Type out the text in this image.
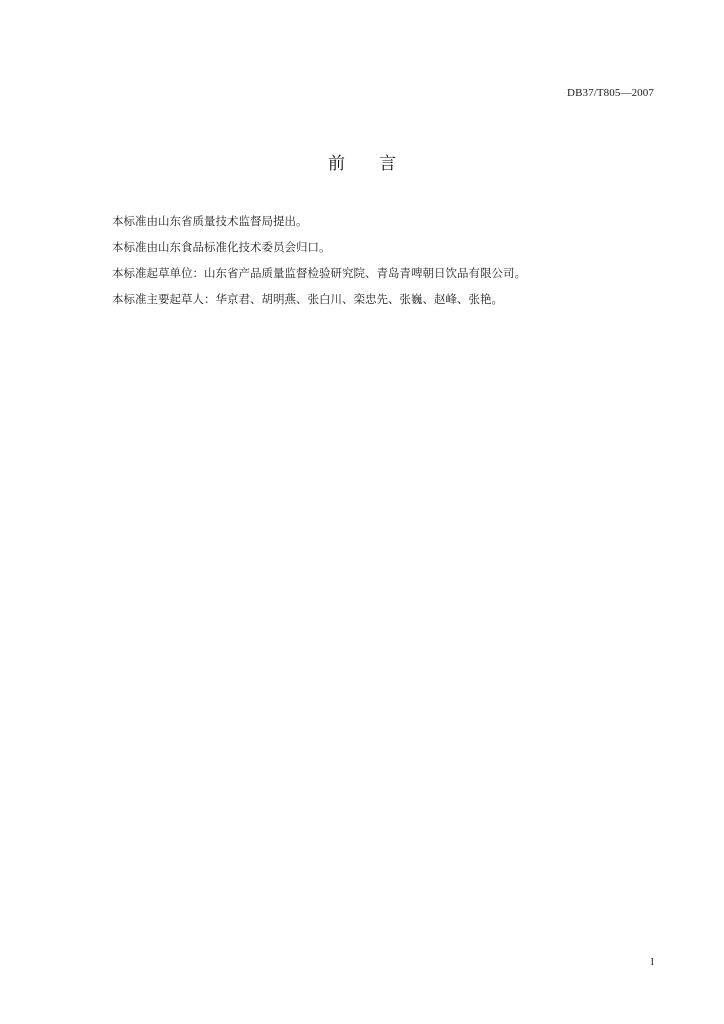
DB37/T805—2007
前 言
本标准由山东省质量技术监督局提出。
本标准由山东食品标准化技术委员会归口。
本标准起草单位：山东省产品质量监督检验研究院、青岛青啤朝日饮品有限公司。
本标准主要起草人：华京君、胡明燕、张白川、栾忠先、张巍、赵峰、张艳。
I
